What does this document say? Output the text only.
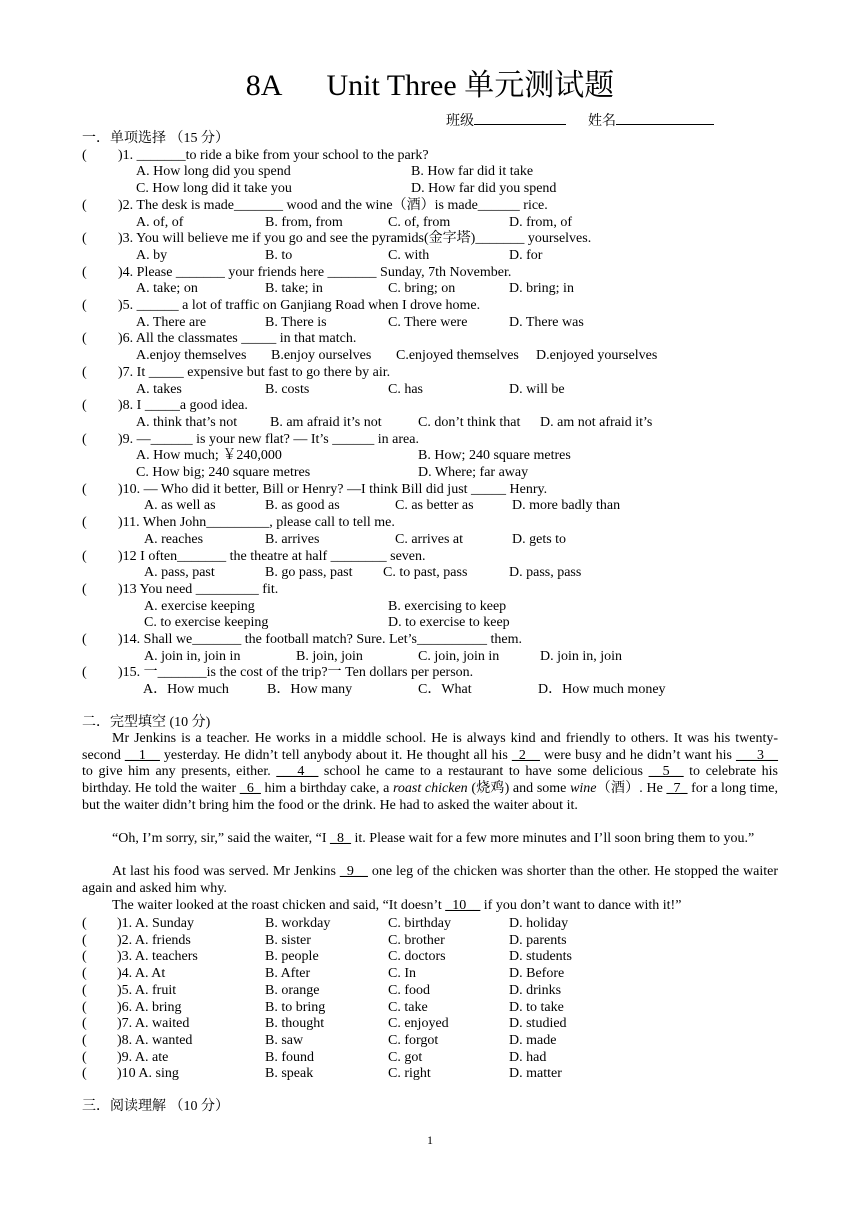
8A Unit Three 单元测试题
班级	姓名
一．单项选择 （15 分）
( )1. _______to ride a bike from your school to the park?
A. How long did you spend	B. How far did it take
C. How long did it take you	D. How far did you spend
( )2. The desk is made_______ wood and the wine（酒）is made______ rice.
A. of, of	B. from, from	C. of, from	D. from, of
( )3. You will believe me if you go and see the pyramids(金字塔)_______ yourselves.
A. by	B. to	C. with	D. for
( )4. Please _______ your friends here _______ Sunday, 7th November.
A. take; on	B. take; in	C. bring; on	D. bring; in
( )5. ______ a lot of traffic on Ganjiang Road when I drove home.
A. There are	B. There is	C. There were	D. There was
( )6. All the classmates _____ in that match.
A.enjoy themselves B.enjoy ourselves C.enjoyed themselves D.enjoyed yourselves
( )7. It _____ expensive but fast to go there by air.
A. takes	B. costs	C. has	D. will be
( )8. I _____a good idea.
A. think that’s not B. am afraid it’s not	C. don’t think that D. am not afraid it’s
( )9. —______ is your new flat? — It’s ______ in area.
A. How much; ￥240,000	B. How; 240 square metres
C. How big; 240 square metres	D. Where; far away
( )10. — Who did it better, Bill or Henry? —I think Bill did just _____ Henry.
A. as well as	B. as good as	C. as better as	D. more badly than
( )11. When John_________, please call to tell me.
A. reaches	B. arrives	C. arrives at	D. gets to
( )12 I often_______ the theatre at half ________ seven.
A. pass, past	B. go pass, past C. to past, pass	D. pass, pass
( )13 You need _________ fit.
A. exercise keeping	B. exercising to keep
C. to exercise keeping	D. to exercise to keep
( )14. Shall we_______ the football match? Sure. Let’s__________ them.
A. join in, join in	B. join, join	C. join, join in	D. join in, join
( )15. 一_______is the cost of the trip?一 Ten dollars per person.
A．How much	B．How many	C．What	D．How much money
二．完型填空 (10 分)
Mr Jenkins is a teacher. He works in a middle school. He is always kind and friendly to others. It was his twenty-second __1__ yesterday. He didn’t tell anybody about it. He thought all his _2__ were busy and he didn’t want his ___3__ to give him any presents, either. ___4__ school he came to a restaurant to have some delicious __5__ to celebrate his birthday. He told the waiter _6_ him a birthday cake, a roast chicken (烧鸡) and some wine（酒）. He _7_ for a long time, but the waiter didn’t bring him the food or the drink. He had to asked the waiter about it.
“Oh, I’m sorry, sir,” said the waiter, “I _8_ it. Please wait for a few more minutes and I’ll soon bring them to you.”
At last his food was served. Mr Jenkins _9__ one leg of the chicken was shorter than the other. He stopped the waiter again and asked him why.
The waiter looked at the roast chicken and said, “It doesn’t _10__ if you don’t want to dance with it!”
( )1. A. Sunday	B. workday	C. birthday	D. holiday
( )2. A. friends	B. sister	C. brother	D. parents
( )3. A. teachers	B. people	C. doctors	D. students
( )4. A. At	B. After	C. In	D. Before
( )5. A. fruit	B. orange	C. food	D. drinks
( )6. A. bring	B. to bring	C. take	D. to take
( )7. A. waited	B. thought	C. enjoyed	D. studied
( )8. A. wanted	B. saw	C. forgot	D. made
( )9. A. ate	B. found	C. got	D. had
( )10 A. sing	B. speak	C. right	D. matter
三．阅读理解 （10 分）
1
